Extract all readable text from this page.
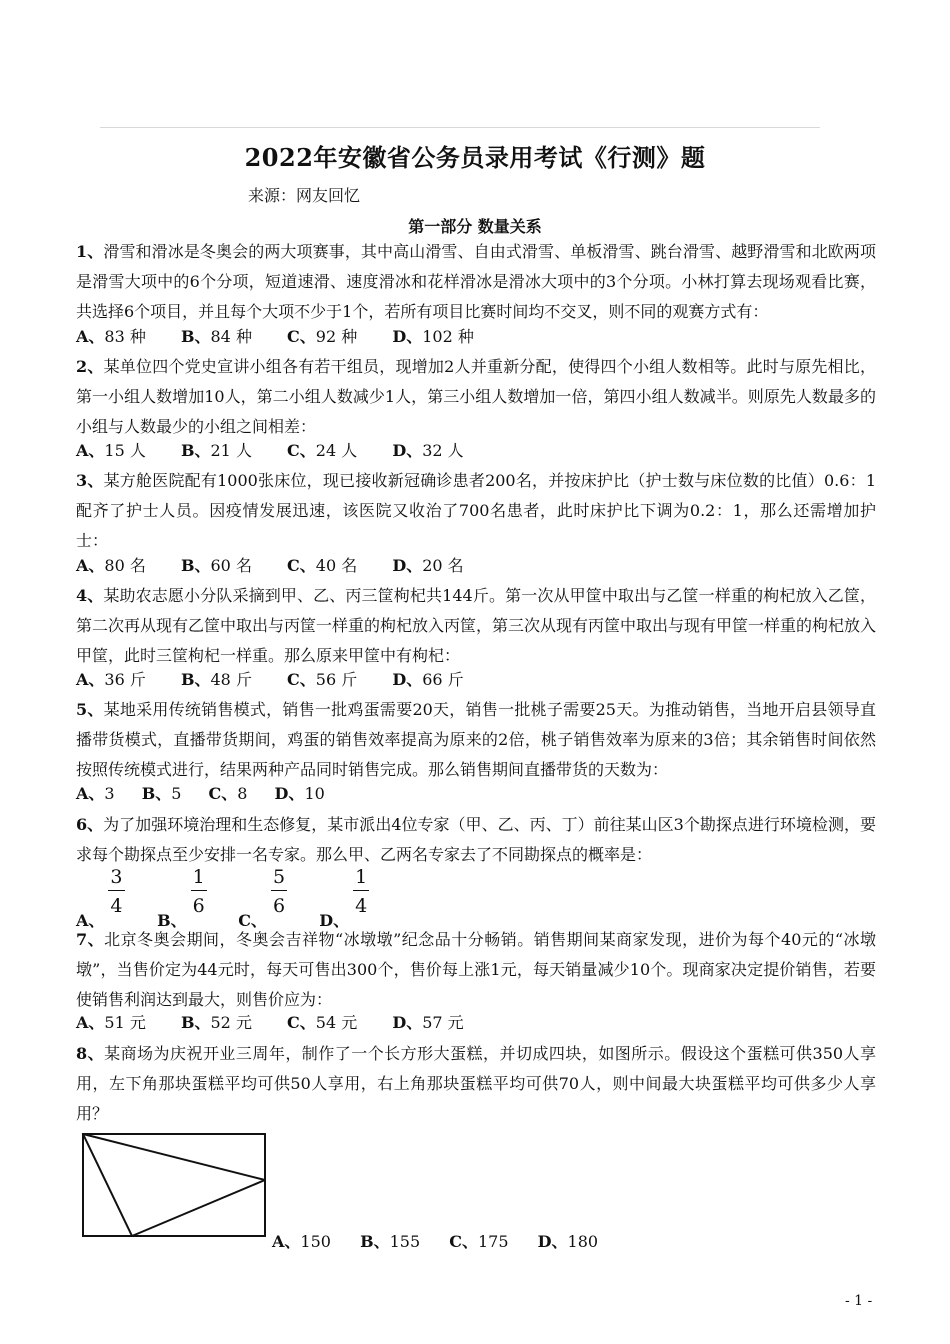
2022年安徽省公务员录用考试《行测》题
来源：网友回忆
第一部分 数量关系
1、滑雪和滑冰是冬奥会的两大项赛事，其中高山滑雪、自由式滑雪、单板滑雪、跳台滑雪、越野滑雪和北欧两项是滑雪大项中的6个分项，短道速滑、速度滑冰和花样滑冰是滑冰大项中的3个分项。小林打算去现场观看比赛，共选择6个项目，并且每个大项不少于1个，若所有项目比赛时间均不交叉，则不同的观赛方式有：
A、83 种 B、84 种 C、92 种 D、102 种
2、某单位四个党史宣讲小组各有若干组员，现增加2人并重新分配，使得四个小组人数相等。此时与原先相比，第一小组人数增加10人，第二小组人数减少1人，第三小组人数增加一倍，第四小组人数减半。则原先人数最多的小组与人数最少的小组之间相差：
A、15 人 B、21 人 C、24 人 D、32 人
3、某方舱医院配有1000张床位，现已接收新冠确诊患者200名，并按床护比（护士数与床位数的比值）0.6：1配齐了护士人员。因疫情发展迅速，该医院又收治了700名患者，此时床护比下调为0.2：1，那么还需增加护士：
A、80 名 B、60 名 C、40 名 D、20 名
4、某助农志愿小分队采摘到甲、乙、丙三筐枸杞共144斤。第一次从甲筐中取出与乙筐一样重的枸杞放入乙筐，第二次再从现有乙筐中取出与丙筐一样重的枸杞放入丙筐，第三次从现有丙筐中取出与现有甲筐一样重的枸杞放入甲筐，此时三筐枸杞一样重。那么原来甲筐中有枸杞：
A、36 斤 B、48 斤 C、56 斤 D、66 斤
5、某地采用传统销售模式，销售一批鸡蛋需要20天，销售一批桃子需要25天。为推动销售，当地开启县领导直播带货模式，直播带货期间，鸡蛋的销售效率提高为原来的2倍，桃子销售效率为原来的3倍；其余销售时间依然按照传统模式进行，结果两种产品同时销售完成。那么销售期间直播带货的天数为：
A、3 B、5 C、8 D、10
6、为了加强环境治理和生态修复，某市派出4位专家（甲、乙、丙、丁）前往某山区3个勘探点进行环境检测，要求每个勘探点至少安排一名专家。那么甲、乙两名专家去了不同勘探点的概率是：
A、
$\frac{3}{4}$
B、
$\frac{1}{6}$
C、
$\frac{5}{6}$
D、
$\frac{1}{4}$
7、北京冬奥会期间，冬奥会吉祥物“冰墩墩”纪念品十分畅销。销售期间某商家发现，进价为每个40元的“冰墩墩”，当售价定为44元时，每天可售出300个，售价每上涨1元，每天销量减少10个。现商家决定提价销售，若要使销售利润达到最大，则售价应为：
A、51 元 B、52 元 C、54 元 D、57 元
8、某商场为庆祝开业三周年，制作了一个长方形大蛋糕，并切成四块，如图所示。假设这个蛋糕可供350人享用，左下角那块蛋糕平均可供50人享用，右上角那块蛋糕平均可供70人，则中间最大块蛋糕平均可供多少人享用？
A、150 B、155 C、175 D、180
- 1 -
